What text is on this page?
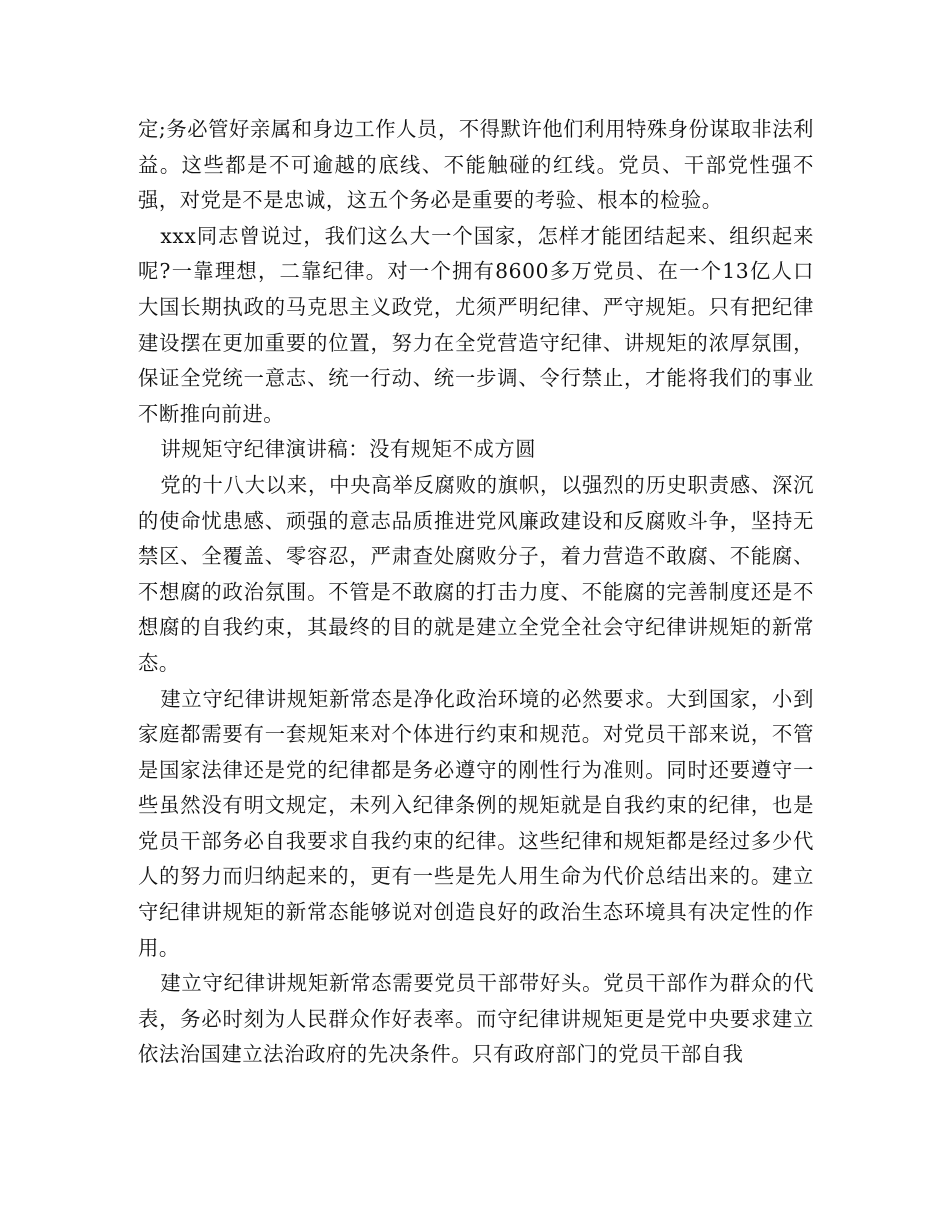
定;务必管好亲属和身边工作人员，不得默许他们利用特殊身份谋取非法利益。这些都是不可逾越的底线、不能触碰的红线。党员、干部党性强不强，对党是不是忠诚，这五个务必是重要的考验、根本的检验。

xxx同志曾说过，我们这么大一个国家，怎样才能团结起来、组织起来呢?一靠理想，二靠纪律。对一个拥有8600多万党员、在一个13亿人口大国长期执政的马克思主义政党，尤须严明纪律、严守规矩。只有把纪律建设摆在更加重要的位置，努力在全党营造守纪律、讲规矩的浓厚氛围，保证全党统一意志、统一行动、统一步调、令行禁止，才能将我们的事业不断推向前进。

讲规矩守纪律演讲稿：没有规矩不成方圆

党的十八大以来，中央高举反腐败的旗帜，以强烈的历史职责感、深沉的使命忧患感、顽强的意志品质推进党风廉政建设和反腐败斗争，坚持无禁区、全覆盖、零容忍，严肃查处腐败分子，着力营造不敢腐、不能腐、不想腐的政治氛围。不管是不敢腐的打击力度、不能腐的完善制度还是不想腐的自我约束，其最终的目的就是建立全党全社会守纪律讲规矩的新常态。

建立守纪律讲规矩新常态是净化政治环境的必然要求。大到国家，小到家庭都需要有一套规矩来对个体进行约束和规范。对党员干部来说，不管是国家法律还是党的纪律都是务必遵守的刚性行为准则。同时还要遵守一些虽然没有明文规定，未列入纪律条例的规矩就是自我约束的纪律，也是党员干部务必自我要求自我约束的纪律。这些纪律和规矩都是经过多少代人的努力而归纳起来的，更有一些是先人用生命为代价总结出来的。建立守纪律讲规矩的新常态能够说对创造良好的政治生态环境具有决定性的作用。

建立守纪律讲规矩新常态需要党员干部带好头。党员干部作为群众的代表，务必时刻为人民群众作好表率。而守纪律讲规矩更是党中央要求建立依法治国建立法治政府的先决条件。只有政府部门的党员干部自我
